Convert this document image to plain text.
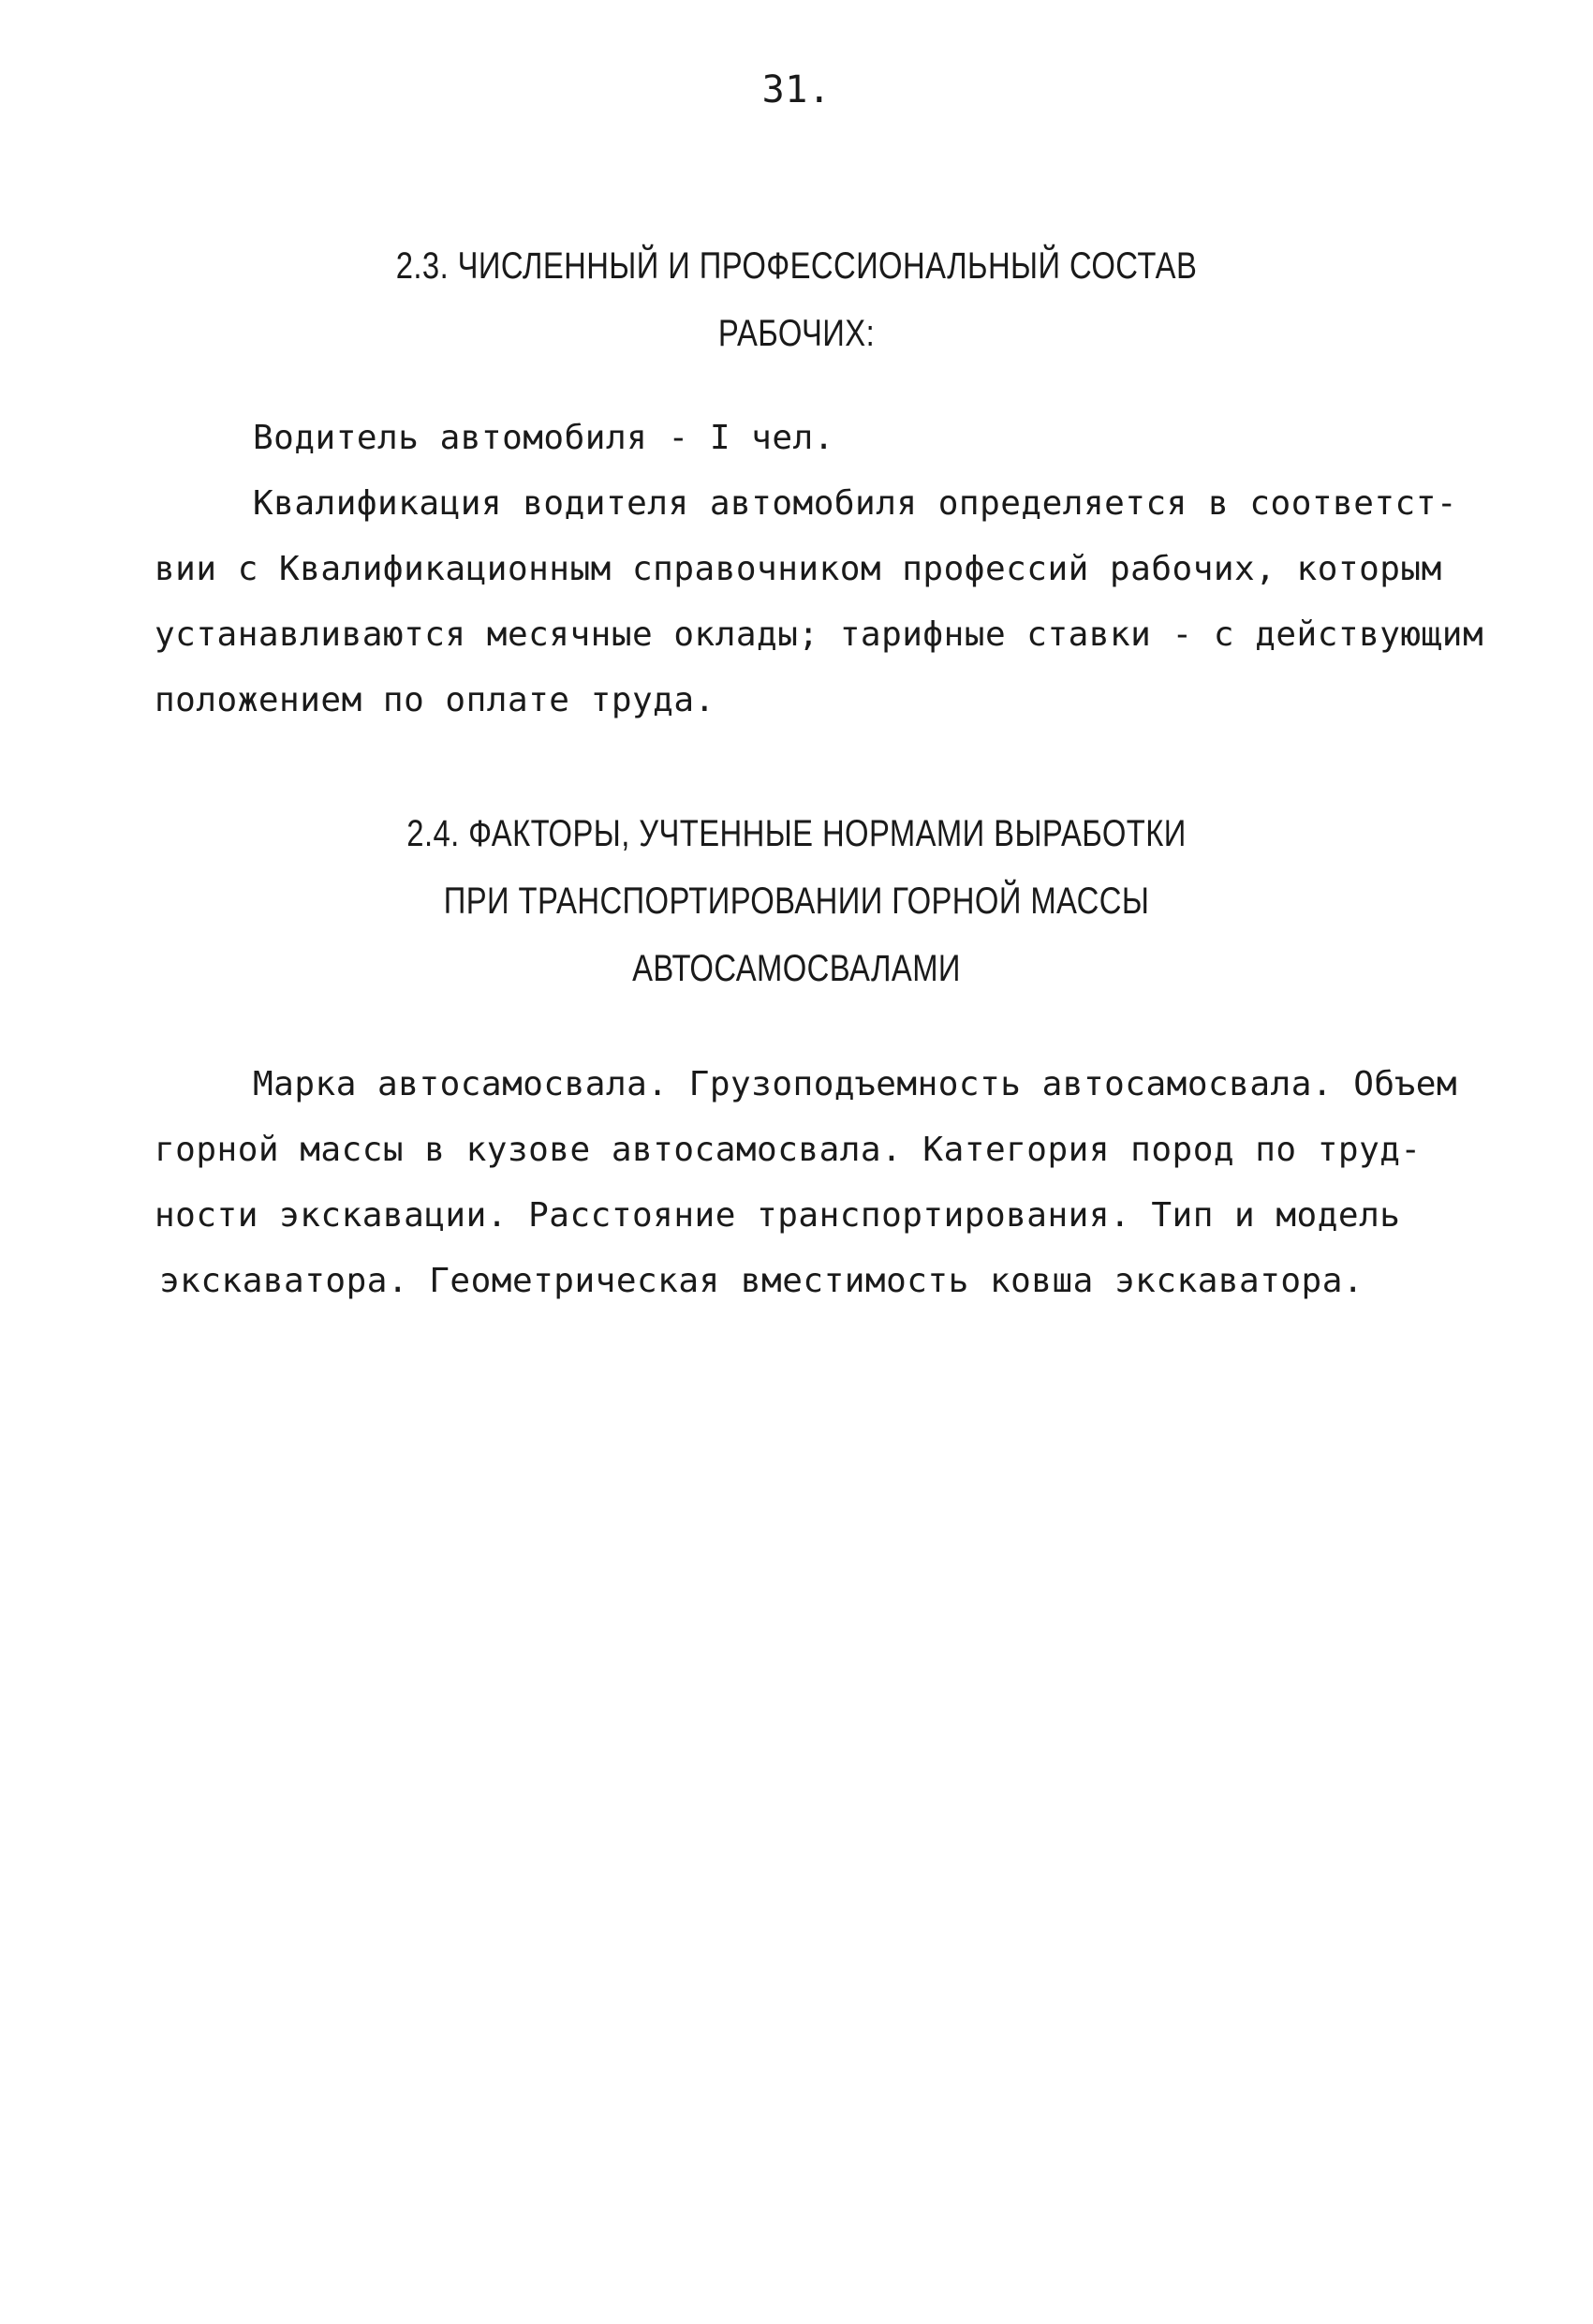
31.
2.3. ЧИСЛЕННЫЙ И ПРОФЕССИОНАЛЬНЫЙ СОСТАВ
РАБОЧИХ:
Водитель автомобиля - I чел.
Квалификация водителя автомобиля определяется в соответст-
вии с Квалификационным справочником профессий рабочих, которым
устанавливаются месячные оклады; тарифные ставки - с действующим
положением по оплате труда.
2.4. ФАКТОРЫ, УЧТЕННЫЕ НОРМАМИ ВЫРАБОТКИ
ПРИ ТРАНСПОРТИРОВАНИИ ГОРНОЙ МАССЫ
АВТОСАМОСВАЛАМИ
Марка автосамосвала. Грузоподъемность автосамосвала. Объем
горной массы в кузове автосамосвала. Категория пород по труд-
ности экскавации. Расстояние транспортирования. Тип и модель
экскаватора. Геометрическая вместимость ковша экскаватора.
